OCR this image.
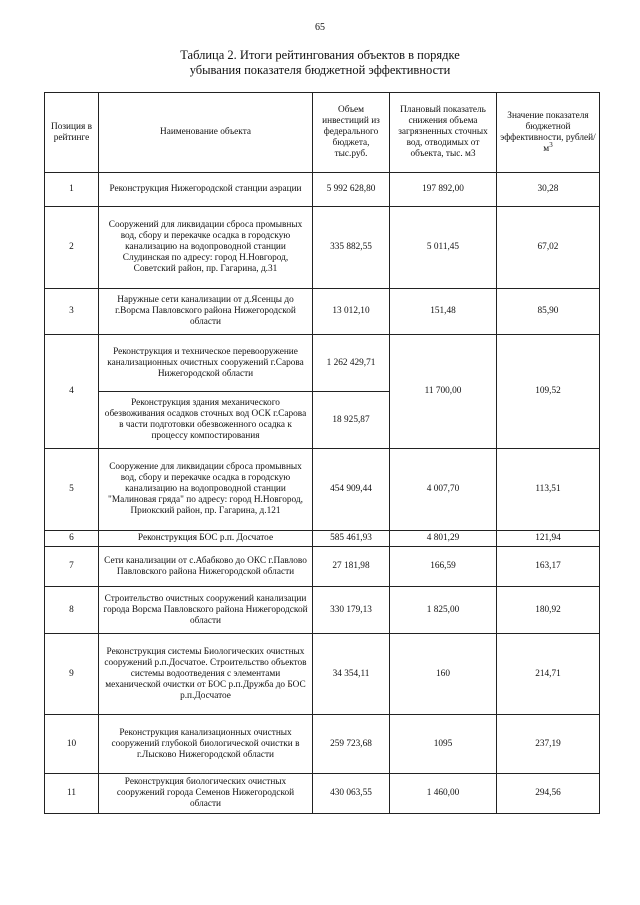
65
Таблица 2. Итоги рейтингования объектов в порядке
убывания показателя бюджетной эффективности
Позиция в рейтинге	Наименование объекта	Объем инвестиций из федерального бюджета, тыс.руб.	Плановый показатель снижения объема загрязненных сточных вод, отводимых от объекта, тыс. м3	Значение показателя бюджетной эффективности, рублей/$м^3$
1	Реконструкция Нижегородской станции аэрации	5 992 628,80	197 892,00	30,28
2	Сооружений для ликвидации сброса промывных вод, сбору и перекачке осадка в городскую канализацию на водопроводной станции Слудинская по адресу: город Н.Новгород, Советский район, пр. Гагарина, д.31	335 882,55	5 011,45	67,02
3	Наружные сети канализации от д.Ясенцы до г.Ворсма Павловского района Нижегородской области	13 012,10	151,48	85,90
4	Реконструкция и техническое перевооружение канализационных очистных сооружений г.Сарова Нижегородской области	1 262 429,71	11 700,00	109,52
	Реконструкция здания механического обезвоживания осадков сточных вод ОСК г.Сарова в части подготовки обезвоженного осадка к процессу компостирования	18 925,87		
5	Сооружение для ликвидации сброса промывных вод, сбору и перекачке осадка в городскую канализацию на водопроводной станции "Малиновая гряда" по адресу: город Н.Новгород, Приокский район, пр. Гагарина, д.121	454 909,44	4 007,70	113,51
6	Реконструкция БОС р.п. Досчатое	585 461,93	4 801,29	121,94
7	Сети канализации от с.Абабково до ОКС г.Павлово Павловского района Нижегородской области	27 181,98	166,59	163,17
8	Строительство очистных сооружений канализации города Ворсма Павловского района Нижегородской области	330 179,13	1 825,00	180,92
9	Реконструкция системы Биологических очистных сооружений р.п.Досчатое. Строительство объектов системы водоотведения с элементами механической очистки от БОС р.п.Дружба до БОС р.п.Досчатое	34 354,11	160	214,71
10	Реконструкция канализационных очистных сооружений глубокой биологической очистки в г.Лысково Нижегородской области	259 723,68	1095	237,19
11	Реконструкция биологических очистных сооружений города Семенов Нижегородской области	430 063,55	1 460,00	294,56
